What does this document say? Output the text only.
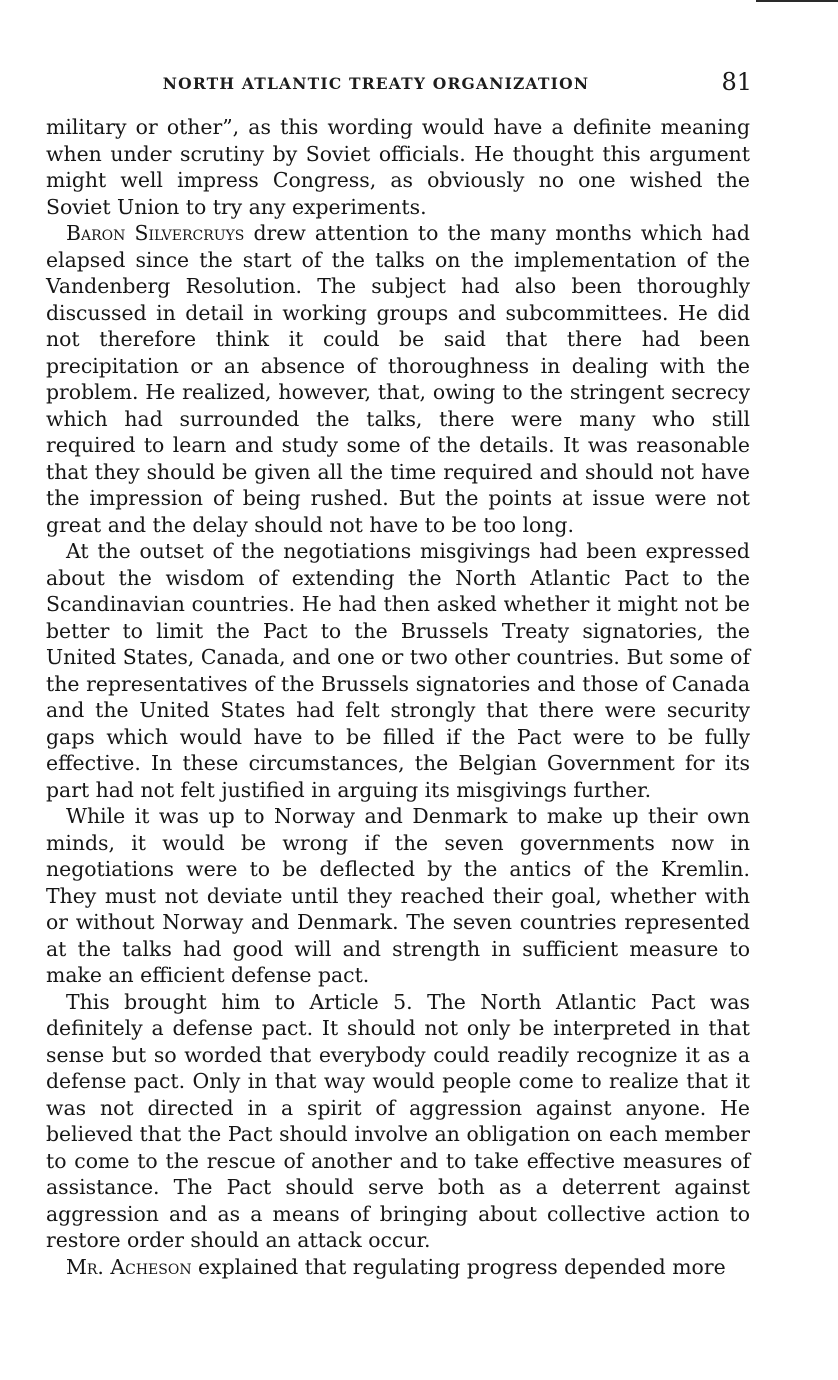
NORTH ATLANTIC TREATY ORGANIZATION	81

military or other”, as this wording would have a definite meaning when under scrutiny by Soviet officials. He thought this argument might well impress Congress, as obviously no one wished the Soviet Union to try any experiments.

Baron Silvercruys drew attention to the many months which had elapsed since the start of the talks on the implementation of the Vandenberg Resolution. The subject had also been thoroughly discussed in detail in working groups and subcommittees. He did not therefore think it could be said that there had been precipitation or an absence of thoroughness in dealing with the problem. He realized, however, that, owing to the stringent secrecy which had surrounded the talks, there were many who still required to learn and study some of the details. It was reasonable that they should be given all the time required and should not have the impression of being rushed. But the points at issue were not great and the delay should not have to be too long.

At the outset of the negotiations misgivings had been expressed about the wisdom of extending the North Atlantic Pact to the Scandinavian countries. He had then asked whether it might not be better to limit the Pact to the Brussels Treaty signatories, the United States, Canada, and one or two other countries. But some of the representatives of the Brussels signatories and those of Canada and the United States had felt strongly that there were security gaps which would have to be filled if the Pact were to be fully effective. In these circumstances, the Belgian Government for its part had not felt justified in arguing its misgivings further.

While it was up to Norway and Denmark to make up their own minds, it would be wrong if the seven governments now in negotiations were to be deflected by the antics of the Kremlin. They must not deviate until they reached their goal, whether with or without Norway and Denmark. The seven countries represented at the talks had good will and strength in sufficient measure to make an efficient defense pact.

This brought him to Article 5. The North Atlantic Pact was definitely a defense pact. It should not only be interpreted in that sense but so worded that everybody could readily recognize it as a defense pact. Only in that way would people come to realize that it was not directed in a spirit of aggression against anyone. He believed that the Pact should involve an obligation on each member to come to the rescue of another and to take effective measures of assistance. The Pact should serve both as a deterrent against aggression and as a means of bringing about collective action to restore order should an attack occur.

Mr. Acheson explained that regulating progress depended more
